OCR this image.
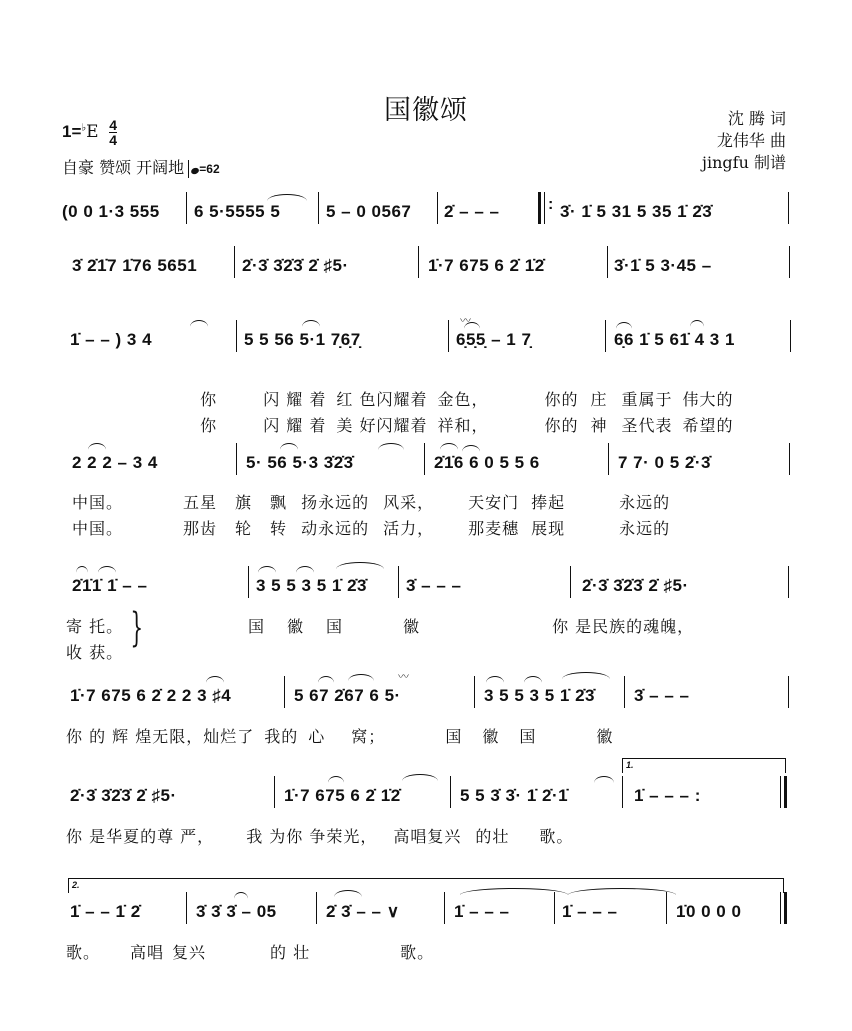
国徽颂
$1=^♭E \frac{4}{4}$
自豪 赞颂 开阔地 =62
沈 腾 词
龙伟华 曲
jingfu 制谱
(0 0 1·3 555 6 5·5555 5	5 – 0 0567 2̇ – – –	: 3̇· 1̇ 5 31 5 35 1̇ 2̇3̇
3̇ 2̇1̇7 1̇76 5651	2̇·3̇ 3̇2̇3̇ 2̇ ♯5·	1̇·7 675 6 2̇ 1̇2̇	3̇·1̇ 5 3·45 –
1̇ – – ) 3 4	5 5 56 5·1 7̣6̣7̣	6̣5̣5̣ – 1 7̣
〰
6̣6 1̇ 5 61̇ 4 3 1

你	闪 耀 着 红 色闪耀着 金色，	你的 庄 重属于 伟大的

你	闪 耀 着 美 好闪耀着 祥和，	你的 神 圣代表 希望的

2 2 2 – 3 4	5· 56 5·3 3̇2̇3̇	2̇1̇6 6 0 5 5 6	7 7· 0 5 2̇·3̇
中国。	五星 旗 飘 扬永远的 风采， 天安门 捧起	永远的
中国。	那齿 轮 转 动永远的 活力， 那麦穗 展现	永远的
2̇1̇1̇ 1̇ – –	3 5 5 3 5 1̇ 2̇3̇ 3̇ – – –	2̇·3̇ 3̇2̇3̇ 2̇ ♯5·
寄 托。
收 获。
}	国 徽 国	徽	你 是民族的魂魄，
1̇·7 675 6 2̇ 2 2 3 ♯4	5 67 2̇67 6 5·
〰
3 5 5 3 5 1̇ 2̇3̇ 3̇ – – –
你 的 辉 煌无限，灿烂了 我的 心 窝；	国 徽 国	徽
1.
2̇·3̇ 3̇2̇3̇ 2̇ ♯5·	1̇·7 675 6 2̇ 1̇2̇	5 5 3̇ 3̇· 1̇ 2̇·1̇	1̇ – – – :
你 是华夏的尊 严， 我 为你 争荣光， 高唱复兴 的壮 歌。
2.
1̇ – – 1̇ 2̇	3̇ 3̇ 3̇ – 05	2̇ 3̇ – – ∨	1̇ – – –	1̇ – – –	1̇0 0 0 0
歌。 高唱 复兴	的 壮	歌。
